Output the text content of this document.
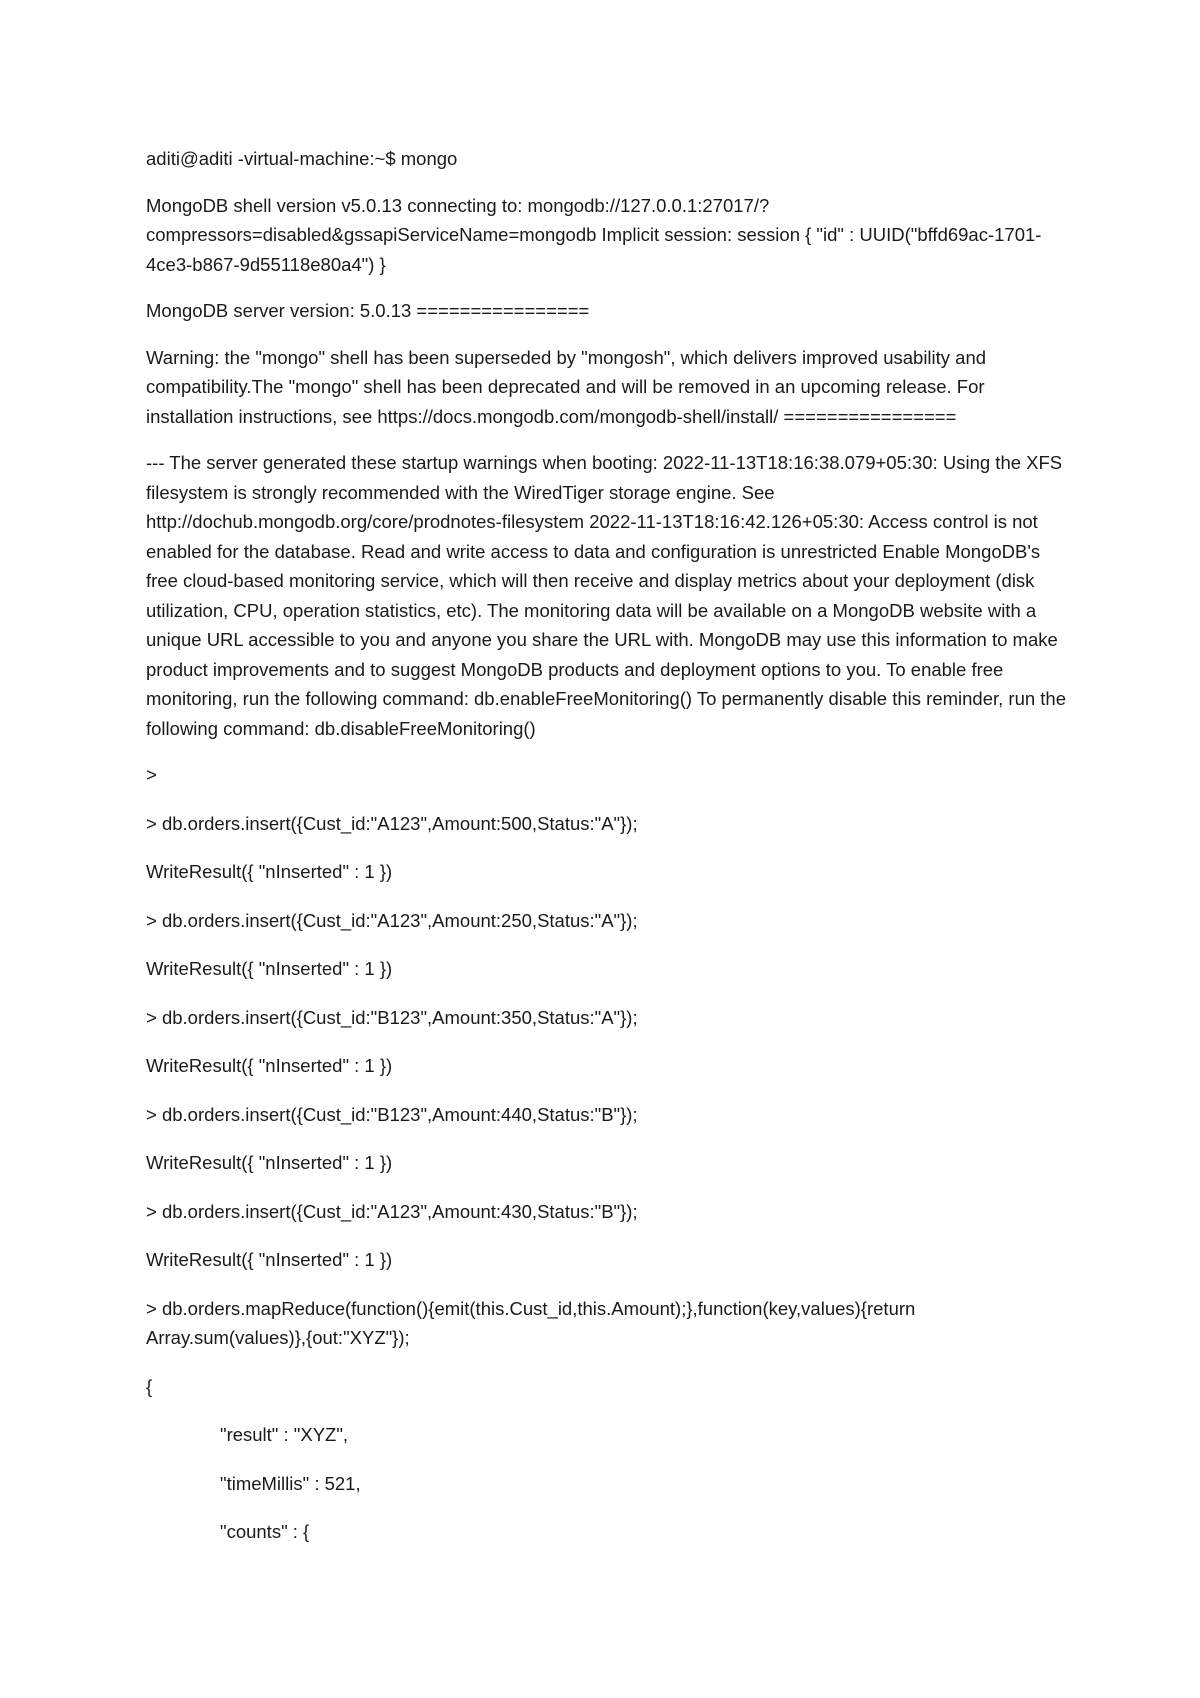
aditi@aditi -virtual-machine:~$ mongo

MongoDB shell version v5.0.13 connecting to: mongodb://127.0.0.1:27017/?compressors=disabled&gssapiServiceName=mongodb Implicit session: session { "id" : UUID("bffd69ac-1701-4ce3-b867-9d55118e80a4") }

MongoDB server version: 5.0.13 ================

Warning: the "mongo" shell has been superseded by "mongosh", which delivers improved usability and compatibility.The "mongo" shell has been deprecated and will be removed in an upcoming release. For installation instructions, see https://docs.mongodb.com/mongodb-shell/install/ ================

--- The server generated these startup warnings when booting: 2022-11-13T18:16:38.079+05:30: Using the XFS filesystem is strongly recommended with the WiredTiger storage engine. See http://dochub.mongodb.org/core/prodnotes-filesystem 2022-11-13T18:16:42.126+05:30: Access control is not enabled for the database. Read and write access to data and configuration is unrestricted Enable MongoDB's free cloud-based monitoring service, which will then receive and display metrics about your deployment (disk utilization, CPU, operation statistics, etc). The monitoring data will be available on a MongoDB website with a unique URL accessible to you and anyone you share the URL with. MongoDB may use this information to make product improvements and to suggest MongoDB products and deployment options to you. To enable free monitoring, run the following command: db.enableFreeMonitoring() To permanently disable this reminder, run the following command: db.disableFreeMonitoring()

>

> db.orders.insert({Cust_id:"A123",Amount:500,Status:"A"});

WriteResult({ "nInserted" : 1 })

> db.orders.insert({Cust_id:"A123",Amount:250,Status:"A"});

WriteResult({ "nInserted" : 1 })

> db.orders.insert({Cust_id:"B123",Amount:350,Status:"A"});

WriteResult({ "nInserted" : 1 })

> db.orders.insert({Cust_id:"B123",Amount:440,Status:"B"});

WriteResult({ "nInserted" : 1 })

> db.orders.insert({Cust_id:"A123",Amount:430,Status:"B"});

WriteResult({ "nInserted" : 1 })

> db.orders.mapReduce(function(){emit(this.Cust_id,this.Amount);},function(key,values){return Array.sum(values)},{out:"XYZ"});

{

"result" : "XYZ",

"timeMillis" : 521,

"counts" : {
